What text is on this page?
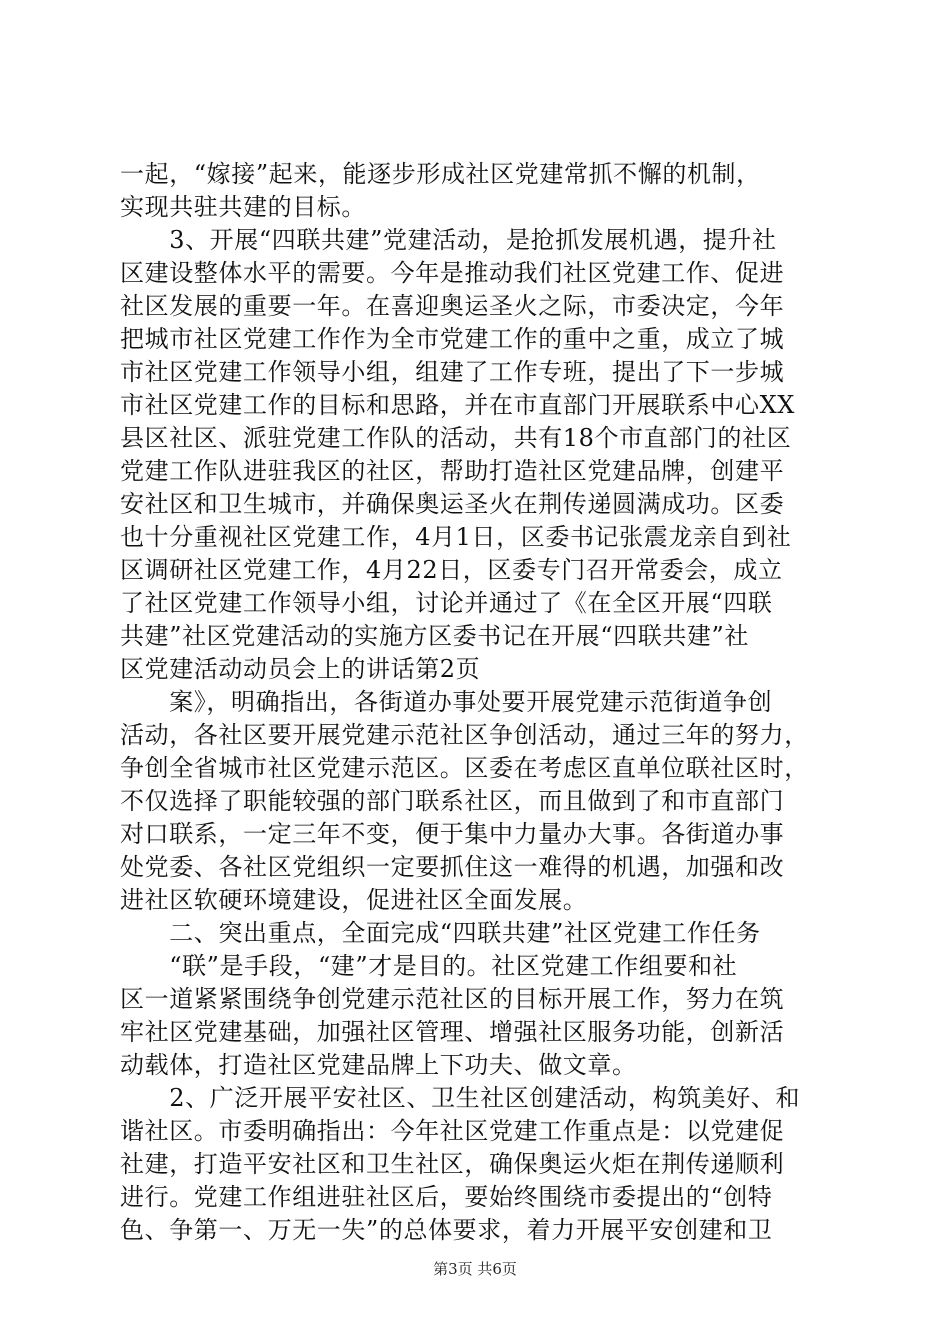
一起，“嫁接”起来，能逐步形成社区党建常抓不懈的机制，
实现共驻共建的目标。
　　3、开展“四联共建”党建活动，是抢抓发展机遇，提升社
区建设整体水平的需要。今年是推动我们社区党建工作、促进
社区发展的重要一年。在喜迎奥运圣火之际，市委决定，今年
把城市社区党建工作作为全市党建工作的重中之重，成立了城
市社区党建工作领导小组，组建了工作专班，提出了下一步城
市社区党建工作的目标和思路，并在市直部门开展联系中心XX
县区社区、派驻党建工作队的活动，共有18个市直部门的社区
党建工作队进驻我区的社区，帮助打造社区党建品牌，创建平
安社区和卫生城市，并确保奥运圣火在荆传递圆满成功。区委
也十分重视社区党建工作，4月1日，区委书记张震龙亲自到社
区调研社区党建工作，4月22日，区委专门召开常委会，成立
了社区党建工作领导小组，讨论并通过了《在全区开展“四联
共建”社区党建活动的实施方区委书记在开展“四联共建”社
区党建活动动员会上的讲话第2页
　　案》，明确指出，各街道办事处要开展党建示范街道争创
活动，各社区要开展党建示范社区争创活动，通过三年的努力，
争创全省城市社区党建示范区。区委在考虑区直单位联社区时，
不仅选择了职能较强的部门联系社区，而且做到了和市直部门
对口联系，一定三年不变，便于集中力量办大事。各街道办事
处党委、各社区党组织一定要抓住这一难得的机遇，加强和改
进社区软硬环境建设，促进社区全面发展。
　　二、突出重点，全面完成“四联共建”社区党建工作任务
　　“联”是手段，“建”才是目的。社区党建工作组要和社
区一道紧紧围绕争创党建示范社区的目标开展工作，努力在筑
牢社区党建基础，加强社区管理、增强社区服务功能，创新活
动载体，打造社区党建品牌上下功夫、做文章。
　　2、广泛开展平安社区、卫生社区创建活动，构筑美好、和
谐社区。市委明确指出：今年社区党建工作重点是：以党建促
社建，打造平安社区和卫生社区，确保奥运火炬在荆传递顺利
进行。党建工作组进驻社区后，要始终围绕市委提出的“创特
色、争第一、万无一失”的总体要求，着力开展平安创建和卫
第3页 共6页
